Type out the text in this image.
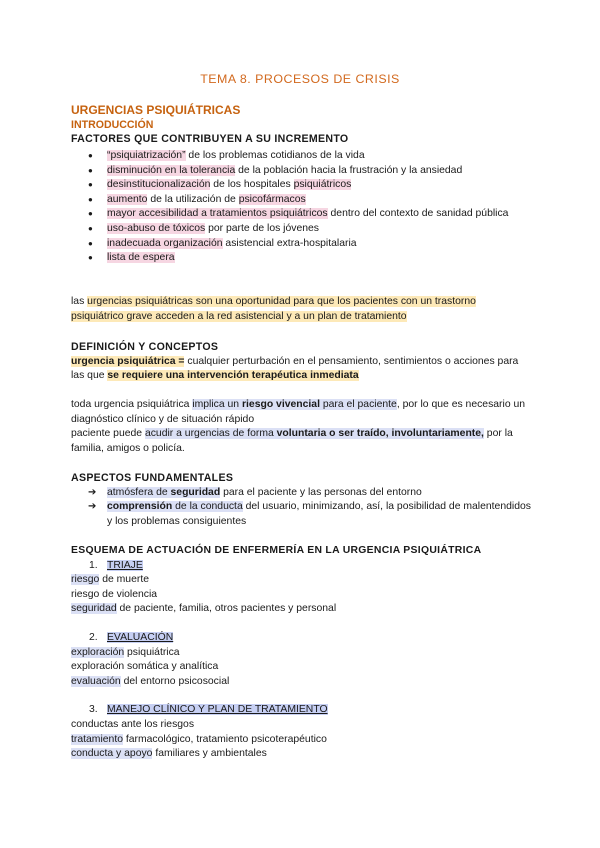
TEMA 8. PROCESOS DE CRISIS
URGENCIAS PSIQUIÁTRICAS
INTRODUCCIÓN
FACTORES QUE CONTRIBUYEN A SU INCREMENTO
● “psiquiatrización” de los problemas cotidianos de la vida
● disminución en la tolerancia de la población hacia la frustración y la ansiedad
● desinstitucionalización de los hospitales psiquiátricos
● aumento de la utilización de psicofármacos
● mayor accesibilidad a tratamientos psiquiátricos dentro del contexto de sanidad pública
● uso-abuso de tóxicos por parte de los jóvenes
● inadecuada organización asistencial extra-hospitalaria
● lista de espera
las urgencias psiquiátricas son una oportunidad para que los pacientes con un trastorno psiquiátrico grave acceden a la red asistencial y a un plan de tratamiento
DEFINICIÓN Y CONCEPTOS
urgencia psiquiátrica = cualquier perturbación en el pensamiento, sentimientos o acciones para las que se requiere una intervención terapéutica inmediata
toda urgencia psiquiátrica implica un riesgo vivencial para el paciente, por lo que es necesario un diagnóstico clínico y de situación rápido
paciente puede acudir a urgencias de forma voluntaria o ser traído, involuntariamente, por la familia, amigos o policía.
ASPECTOS FUNDAMENTALES
➔ atmósfera de seguridad para el paciente y las personas del entorno
➔ comprensión de la conducta del usuario, minimizando, así, la posibilidad de malentendidos y los problemas consiguientes
ESQUEMA DE ACTUACIÓN DE ENFERMERÍA EN LA URGENCIA PSIQUIÁTRICA
1. TRIAJE
riesgo de muerte
riesgo de violencia
seguridad de paciente, familia, otros pacientes y personal
2. EVALUACIÓN
exploración psiquiátrica
exploración somática y analítica
evaluación del entorno psicosocial
3. MANEJO CLÍNICO Y PLAN DE TRATAMIENTO
conductas ante los riesgos
tratamiento farmacológico, tratamiento psicoterapéutico
conducta y apoyo familiares y ambientales
